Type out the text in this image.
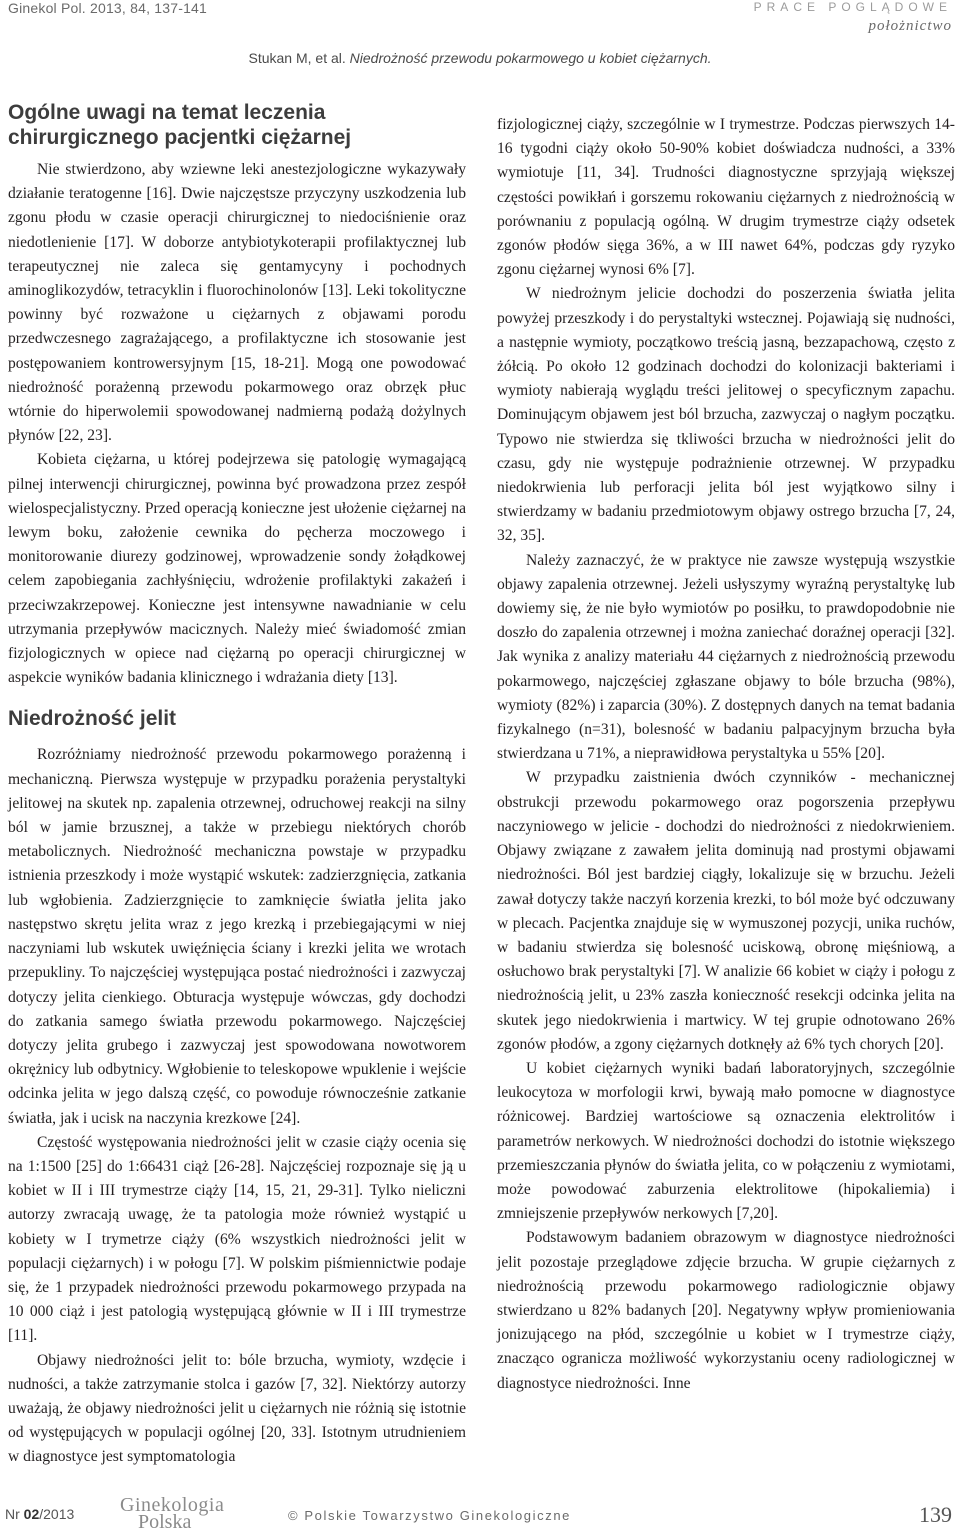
Ginekol Pol. 2013, 84, 137-141	PRACE POGLĄDOWE
położnictwo
Stukan M, et al. Niedrożność przewodu pokarmowego u kobiet ciężarnych.
Ogólne uwagi na temat leczenia chirurgicznego pacjentki ciężarnej

Nie stwierdzono, aby wziewne leki anestezjologiczne wykazywały działanie teratogenne [16]. Dwie najczęstsze przyczyny uszkodzenia lub zgonu płodu w czasie operacji chirurgicznej to niedociśnienie oraz niedotlenienie [17]. W doborze antybiotykoterapii profilaktycznej lub terapeutycznej nie zaleca się gentamycyny i pochodnych aminoglikozydów, tetracyklin i fluorochinolonów [13]. Leki tokolityczne powinny być rozważone u ciężarnych z objawami porodu przedwczesnego zagrażającego, a profilaktyczne ich stosowanie jest postępowaniem kontrowersyjnym [15, 18-21]. Mogą one powodować niedrożność porażenną przewodu pokarmowego oraz obrzęk płuc wtórnie do hiperwolemii spowodowanej nadmierną podażą dożylnych płynów [22, 23].

Kobieta ciężarna, u której podejrzewa się patologię wymagającą pilnej interwencji chirurgicznej, powinna być prowadzona przez zespół wielospecjalistyczny. Przed operacją konieczne jest ułożenie ciężarnej na lewym boku, założenie cewnika do pęcherza moczowego i monitorowanie diurezy godzinowej, wprowadzenie sondy żołądkowej celem zapobiegania zachłyśnięciu, wdrożenie profilaktyki zakażeń i przeciwzakrzepowej. Konieczne jest intensywne nawadnianie w celu utrzymania przepływów macicznych. Należy mieć świadomość zmian fizjologicznych w opiece nad ciężarną po operacji chirurgicznej w aspekcie wyników badania klinicznego i wdrażania diety [13].

Niedrożność jelit

Rozróżniamy niedrożność przewodu pokarmowego porażenną i mechaniczną. Pierwsza występuje w przypadku porażenia perystaltyki jelitowej na skutek np. zapalenia otrzewnej, odruchowej reakcji na silny ból w jamie brzusznej, a także w przebiegu niektórych chorób metabolicznych. Niedrożność mechaniczna powstaje w przypadku istnienia przeszkody i może wystąpić wskutek: zadzierzgnięcia, zatkania lub wgłobienia. Zadzierzgnięcie to zamknięcie światła jelita jako następstwo skrętu jelita wraz z jego krezką i przebiegającymi w niej naczyniami lub wskutek uwięźnięcia ściany i krezki jelita we wrotach przepukliny. To najczęściej występująca postać niedrożności i zazwyczaj dotyczy jelita cienkiego. Obturacja występuje wówczas, gdy dochodzi do zatkania samego światła przewodu pokarmowego. Najczęściej dotyczy jelita grubego i zazwyczaj jest spowodowana nowotworem okrężnicy lub odbytnicy. Wgłobienie to teleskopowe wpuklenie i wejście odcinka jelita w jego dalszą część, co powoduje równocześnie zatkanie światła, jak i ucisk na naczynia krezkowe [24].

Częstość występowania niedrożności jelit w czasie ciąży ocenia się na 1:1500 [25] do 1:66431 ciąż [26-28]. Najczęściej rozpoznaje się ją u kobiet w II i III trymestrze ciąży [14, 15, 21, 29-31]. Tylko nieliczni autorzy zwracają uwagę, że ta patologia może również wystąpić u kobiety w I trymetrze ciąży (6% wszystkich niedrożności jelit w populacji ciężarnych) i w połogu [7]. W polskim piśmiennictwie podaje się, że 1 przypadek niedrożności przewodu pokarmowego przypada na 10 000 ciąż i jest patologią występującą głównie w II i III trymestrze [11].

Objawy niedrożności jelit to: bóle brzucha, wymioty, wzdęcie i nudności, a także zatrzymanie stolca i gazów [7, 32]. Niektórzy autorzy uważają, że objawy niedrożności jelit u ciężarnych nie różnią się istotnie od występujących w populacji ogólnej [20, 33]. Istotnym utrudnieniem w diagnostyce jest symptomatologia

fizjologicznej ciąży, szczególnie w I trymestrze. Podczas pierwszych 14-16 tygodni ciąży około 50-90% kobiet doświadcza nudności, a 33% wymiotuje [11, 34]. Trudności diagnostyczne sprzyjają większej częstości powikłań i gorszemu rokowaniu ciężarnych z niedrożnością w porównaniu z populacją ogólną. W drugim trymestrze ciąży odsetek zgonów płodów sięga 36%, a w III nawet 64%, podczas gdy ryzyko zgonu ciężarnej wynosi 6% [7].

W niedrożnym jelicie dochodzi do poszerzenia światła jelita powyżej przeszkody i do perystaltyki wstecznej. Pojawiają się nudności, a następnie wymioty, początkowo treścią jasną, bezzapachową, często z żółcią. Po około 12 godzinach dochodzi do kolonizacji bakteriami i wymioty nabierają wyglądu treści jelitowej o specyficznym zapachu. Dominującym objawem jest ból brzucha, zazwyczaj o nagłym początku. Typowo nie stwierdza się tkliwości brzucha w niedrożności jelit do czasu, gdy nie występuje podrażnienie otrzewnej. W przypadku niedokrwienia lub perforacji jelita ból jest wyjątkowo silny i stwierdzamy w badaniu przedmiotowym objawy ostrego brzucha [7, 24, 32, 35].

Należy zaznaczyć, że w praktyce nie zawsze występują wszystkie objawy zapalenia otrzewnej. Jeżeli usłyszymy wyraźną perystaltykę lub dowiemy się, że nie było wymiotów po posiłku, to prawdopodobnie nie doszło do zapalenia otrzewnej i można zaniechać doraźnej operacji [32]. Jak wynika z analizy materiału 44 ciężarnych z niedrożnością przewodu pokarmowego, najczęściej zgłaszane objawy to bóle brzucha (98%), wymioty (82%) i zaparcia (30%). Z dostępnych danych na temat badania fizykalnego (n=31), bolesność w badaniu palpacyjnym brzucha była stwierdzana u 71%, a nieprawidłowa perystaltyka u 55% [20].

W przypadku zaistnienia dwóch czynników - mechanicznej obstrukcji przewodu pokarmowego oraz pogorszenia przepływu naczyniowego w jelicie - dochodzi do niedrożności z niedokrwieniem. Objawy związane z zawałem jelita dominują nad prostymi objawami niedrożności. Ból jest bardziej ciągły, lokalizuje się w brzuchu. Jeżeli zawał dotyczy także naczyń korzenia krezki, to ból może być odczuwany w plecach. Pacjentka znajduje się w wymuszonej pozycji, unika ruchów, w badaniu stwierdza się bolesność uciskową, obronę mięśniową, a osłuchowo brak perystaltyki [7]. W analizie 66 kobiet w ciąży i połogu z niedrożnością jelit, u 23% zaszła konieczność resekcji odcinka jelita na skutek jego niedokrwienia i martwicy. W tej grupie odnotowano 26% zgonów płodów, a zgony ciężarnych dotknęły aż 6% tych chorych [20].

U kobiet ciężarnych wyniki badań laboratoryjnych, szczególnie leukocytoza w morfologii krwi, bywają mało pomocne w diagnostyce różnicowej. Bardziej wartościowe są oznaczenia elektrolitów i parametrów nerkowych. W niedrożności dochodzi do istotnie większego przemieszczania płynów do światła jelita, co w połączeniu z wymiotami, może powodować zaburzenia elektrolitowe (hipokaliemia) i zmniejszenie przepływów nerkowych [7,20].

Podstawowym badaniem obrazowym w diagnostyce niedrożności jelit pozostaje przeglądowe zdjęcie brzucha. W grupie ciężarnych z niedrożnością przewodu pokarmowego radiologicznie objawy stwierdzano u 82% badanych [20]. Negatywny wpływ promieniowania jonizującego na płód, szczególnie u kobiet w I trymestrze ciąży, znacząco ogranicza możliwość wykorzystaniu oceny radiologicznej w diagnostyce niedrożności. Inne

Nr 02/2013 Ginekologia
Polska	© Polskie Towarzystwo Ginekologiczne	139
